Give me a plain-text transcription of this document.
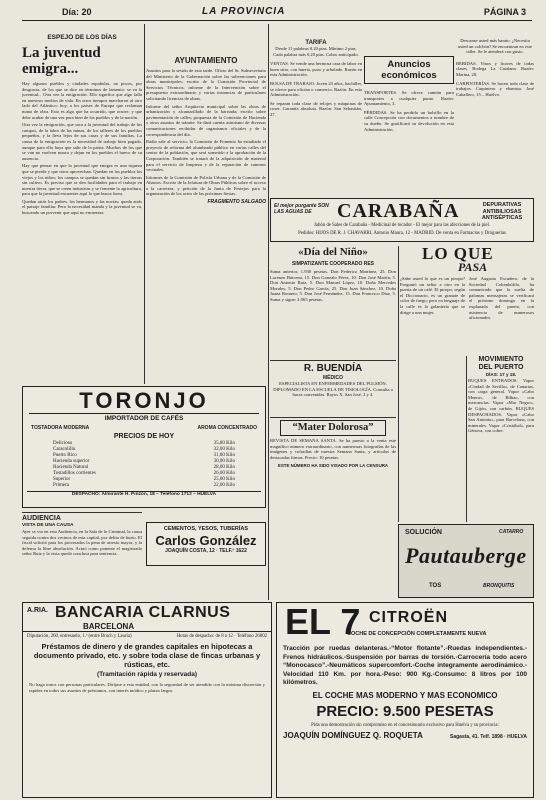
Día: 20	LA PROVINCIA	PÁGINA 3
ESPEJO DE LOS DÍAS
La juventud emigra...

Hay algunos pueblos y ciudades españolas, no pocos, por desgracia, de los que se dice en términos de lamento: se va la juventud... Otra vez la emigración. Ello significa que algo falla en nuestros medios de vida. En otros tiempos marcharon al otro lado del Atlántico; hoy, a los países de Europa que reclaman mano de obra. Esto es algo que ha ocurrido, que ocurre, y que debe acabar de una vez para bien de los pueblos y de la nación.

Otra vez la emigración, que saca a la juventud del trabajo de los campos, de la labor de las minas, de los talleres de los pueblos pequeños, y la lleva lejos de sus casas y de sus familias. La causa de la emigración es la necesidad de trabajo bien pagado, aunque para ello haya que salir de la patria. Muchos de los que se van no vuelven nunca y dejan en los pueblos el hueco de su ausencia.

Hay que pensar en que la juventud que emigra es una riqueza que se pierde y que otros aprovechan. Quedan en los pueblos los viejos y los niños; los campos se quedan sin brazos y las tierras sin cultivo. Es preciso que se den facilidades para el trabajo en nuestra tierra, que se creen industrias y se fomente la agricultura, para que la juventud encuentre aquí lo que busca fuera.

Quedan atrás los padres, los hermanos y las novias; queda atrás el paisaje familiar. Pero la necesidad manda y la juventud se va, buscando un porvenir que aquí no encuentra.

AYUNTAMIENTO

Asuntos para la sesión de esta tarde. Oficio del Sr. Subsecretario del Ministerio de la Gobernación sobre las subvenciones para obras municipales; escrito de la Comisión Provincial de Servicios Técnicos; informe de la Intervención sobre el presupuesto extraordinario y varias instancias de particulares solicitando licencias de obras.

Informe del señor Arquitecto municipal sobre las obras de urbanización y alcantarillado de la barriada; escrito sobre pavimentación de calles; propuesta de la Comisión de Hacienda y otros asuntos de trámite. Se dará cuenta asimismo de diversas comunicaciones recibidas de organismos oficiales y de la correspondencia del día.

Radio sale al servicio; la Comisión de Fomento ha estudiado el proyecto de reforma del alumbrado público en varias calles del centro de la población, que será sometido a la aprobación de la Corporación. También se tratará de la adquisición de material para el servicio de limpieza y de la reparación de caminos vecinales.

Informes de la Comisión de Policía Urbana y de la Comisión de Abastos. Escrito de la Jefatura de Obras Públicas sobre el acceso a la carretera, y petición de la Junta de Festejos para la organización de los actos de las próximas fiestas.

FRAGMENTO SALGADO
TARIFA

Desde 11 palabras 0,20 ptas. Mínimo 2 ptas. Cada palabra más 0,20 ptas. Cobro anticipado.

VENTAS. Se vende una hermosa casa de labor en buen sitio, con huerta, pozo y arbolado. Razón en esta Administración.

BOLSA DE TRABAJO. Joven 23 años, bachiller, se ofrece para oficina o comercio. Razón: En esta Administración.

Se reparan toda clase de relojes y máquinas de coser. Garantía absoluta. Razón: San Sebastián, 27.

Anuncios económicos

TRANSPORTES. Se ofrece camión para transportes a cualquier punto. Razón: Ayuntamiento, 3.

PÉRDIDAS. Se ha perdido un bolsillo en la calle Concepción con documentos a nombre de su dueño. Se gratificará su devolución en esta Administración.

Descanse usted más barato. ¿Necesita usted un colchón? Se encuentran en este taller. Se le atenderá con gusto.

BEBIDAS. Vinos y licores de todas clases. Bodega La Catalana. Razón: Marina, 20.

CARPINTERÍAS. Se hacen toda clase de trabajos. Carpintero y ebanista. José Caballero, 15 – Huelva.

El mejor purgante SON LAS AGUAS DE	CARABAÑA	DEPURATIVAS
ANTIBILIOSAS
ANTISÉPTICAS
Jabón de Sales de Carabaña - Medicinal de tocador - El mejor para las afecciones de la piel.
Pedidos: HIJOS DE R. J. CHAVARRI, Antonio Maura, 12 - MADRID. De venta en Farmacias y Droguerías
«Día del Niño»
SIMPATIZANTE COOPERADO RES

Suma anterior, 1.930 pesetas. Don Federico Martínez, 25. Don Lorenzo Bárcena, 15. Don Gonzalo Pérez, 10. Don José Martín, 5. Don Antonio Ruiz, 5. Don Manuel López, 10. Doña Mercedes Morales, 5. Don Pedro García, 25. Don Juan Sánchez, 10. Doña Juana Romero, 5. Don José Fernández, 15. Don Francisco Díaz, 5. Suma y sigue: 2.065 pesetas.

R. BUENDÍA
MÉDICO

ESPECIALISTA EN ENFERMEDADES DEL PULMÓN, DIPLOMADO EN LA ESCUELA DE TISIOLOGÍA. Consulta a horas convenidas. Rayos X. San José, 2 y 4.

“Mater Dolorosa”

REVISTA DE SEMANA SANTA. Se ha puesto a la venta este magnífico número extraordinario, con numerosas fotografías de las imágenes y cofradías de nuestra Semana Santa, y artículos de destacadas firmas. Precio: 10 pesetas.

ESTE NÚMERO HA SIDO VISADO POR LA CENSURA

LO QUE
PASA

¿Sabe usted lo que es un piropo? Preguntó un señor a otro en la puerta de un café. El piropo, según el Diccionario, es un granate de color de fuego; pero en lenguaje de la calle es la galantería que se dirige a una mujer.

José Augusto Escudero, de la Sociedad Colombófila, ha comunicado que la suelta de palomas mensajeras se verificará el próximo domingo en la explanada del puerto, con asistencia de numerosos aficionados.

MOVIMIENTO
DEL PUERTO
DÍAS: 17 y 18.

BUQUES ENTRADOS. Vapor «Ciudad de Sevilla», de Canarias, con carga general. Vapor «Cabo Menor», de Bilbao, con mercancías. Vapor «Mar Negro», de Gijón, con carbón. BUQUES DESPACHADOS. Vapor «Cabo San Antonio», para Barcelona, con minerales. Vapor «Cristóbal», para Génova, con cobre.

SOLUCIÓN	CATARRO
Pautauberge
TOS	BRONQUITIS
TORONJO
IMPORTADOR DE CAFÉS
TOSTADORA MODERNA	AROMA CONCENTRADO
PRECIOS DE HOY
Delicioso	35,80 Kilo
Caracolillo	32,00 Kilo
Puerto Rico	31,80 Kilo
Hacienda superior	30,00 Kilo
Hacienda Natural	28,00 Kilo
Tostadillos corrientes	26,00 Kilo
Superior	25,00 Kilo
Primera	22,00 Kilo
DESPACHO: Almirante H. Pinzón, 18 – Teléfono 1712 – HUELVA
AUDIENCIA
VISTA DE UNA CAUSA

Ayer se vio en esta Audiencia, en la Sala de lo Criminal, la causa seguida contra dos vecinos de esta capital, por delito de hurto. El fiscal solicitó para los procesados la pena de arresto mayor, y la defensa la libre absolución. Actuó como ponente el magistrado señor Ruiz y la vista quedó conclusa para sentencia.

CEMENTOS, YESOS, TUBERÍAS
Carlos González
JOAQUÍN COSTA, 12 · TELF.º 1622
A.RIA. BANCARIA CLARNUS
BARCELONA
Diputación, 260, entresuelo, 1.ª (entre Bruch y Lauria)	Horas de despacho: de 8 a 12 · Teléfono 26802
Préstamos de dinero y de grandes capitales en hipotecas a documento privado, etc. y sobre toda clase de fincas urbanas y rústicas, etc.
(Tramitación rápida y reservada)

No haga tratos con personas particulares. Diríjase a esta entidad, con la seguridad de ser atendido con la máxima discreción y rapidez en todos sus asuntos de préstamos, con interés módico y plazos largos.

EL 7 CITROËN
COCHE DE CONCEPCIÓN COMPLETAMENTE NUEVA
Tracción por ruedas delanteras.-“Motor flotante”.-Ruedas independientes.-Frenos hidráulicos.-Suspensión por barras de torsión.-Carrocería todo acero “Monocasco”.-Neumáticos supercomfort.-Coche integramente aerodinámico.-Velocidad 110 Km. por hora.-Peso: 900 Kg.-Consumo: 8 litros por 100 kilómetros.
EL COCHE MAS MODERNO Y MAS ECONOMICO
PRECIO: 9.500 PESETAS
Pida una demostración sin compromiso en el concesionario exclusivo para Huelva y su provincia:
JOAQUÍN DOMÍNGUEZ Q. ROQUETA	Sagasta, 41. Telf. 1898 · HUELVA
